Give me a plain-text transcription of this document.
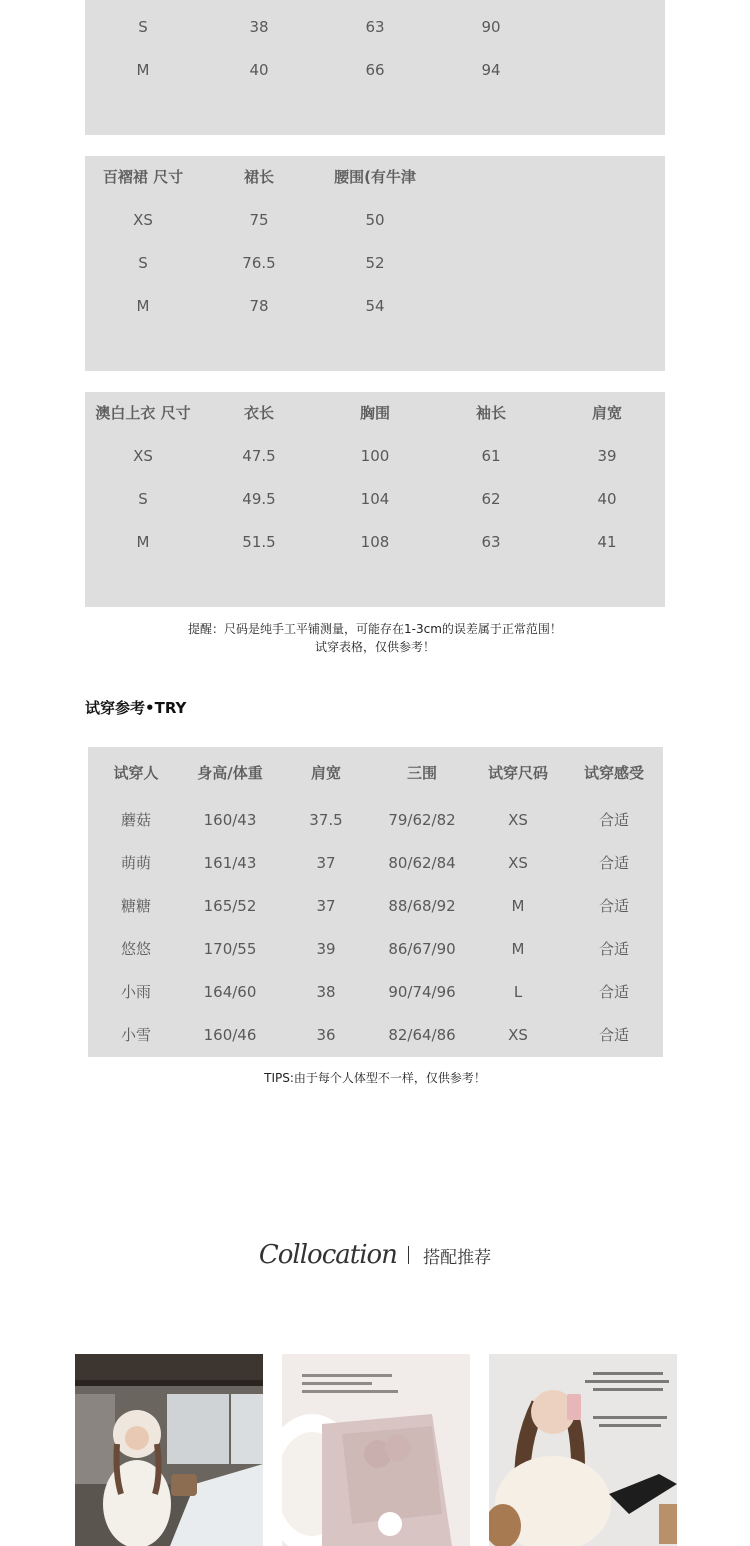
S	38	63	90
M	40	66	94
百褶裙 尺寸	裙长	腰围(有牛津
XS	75	50
S	76.5	52
M	78	54
澳白上衣 尺寸	衣长	胸围	袖长	肩宽
XS	47.5	100	61	39
S	49.5	104	62	40
M	51.5	108	63	41
提醒：尺码是纯手工平铺测量，可能存在1-3cm的误差属于正常范围！
试穿表格，仅供参考！
试穿参考•TRY
试穿人	身高/体重	肩宽	三围	试穿尺码	试穿感受
蘑菇	160/43	37.5	79/62/82	XS	合适
萌萌	161/43	37	80/62/84	XS	合适
糖糖	165/52	37	88/68/92	M	合适
悠悠	170/55	39	86/67/90	M	合适
小雨	164/60	38	90/74/96	L	合适
小雪	160/46	36	82/64/86	XS	合适
TIPS:由于每个人体型不一样，仅供参考！
Collocation 搭配推荐
